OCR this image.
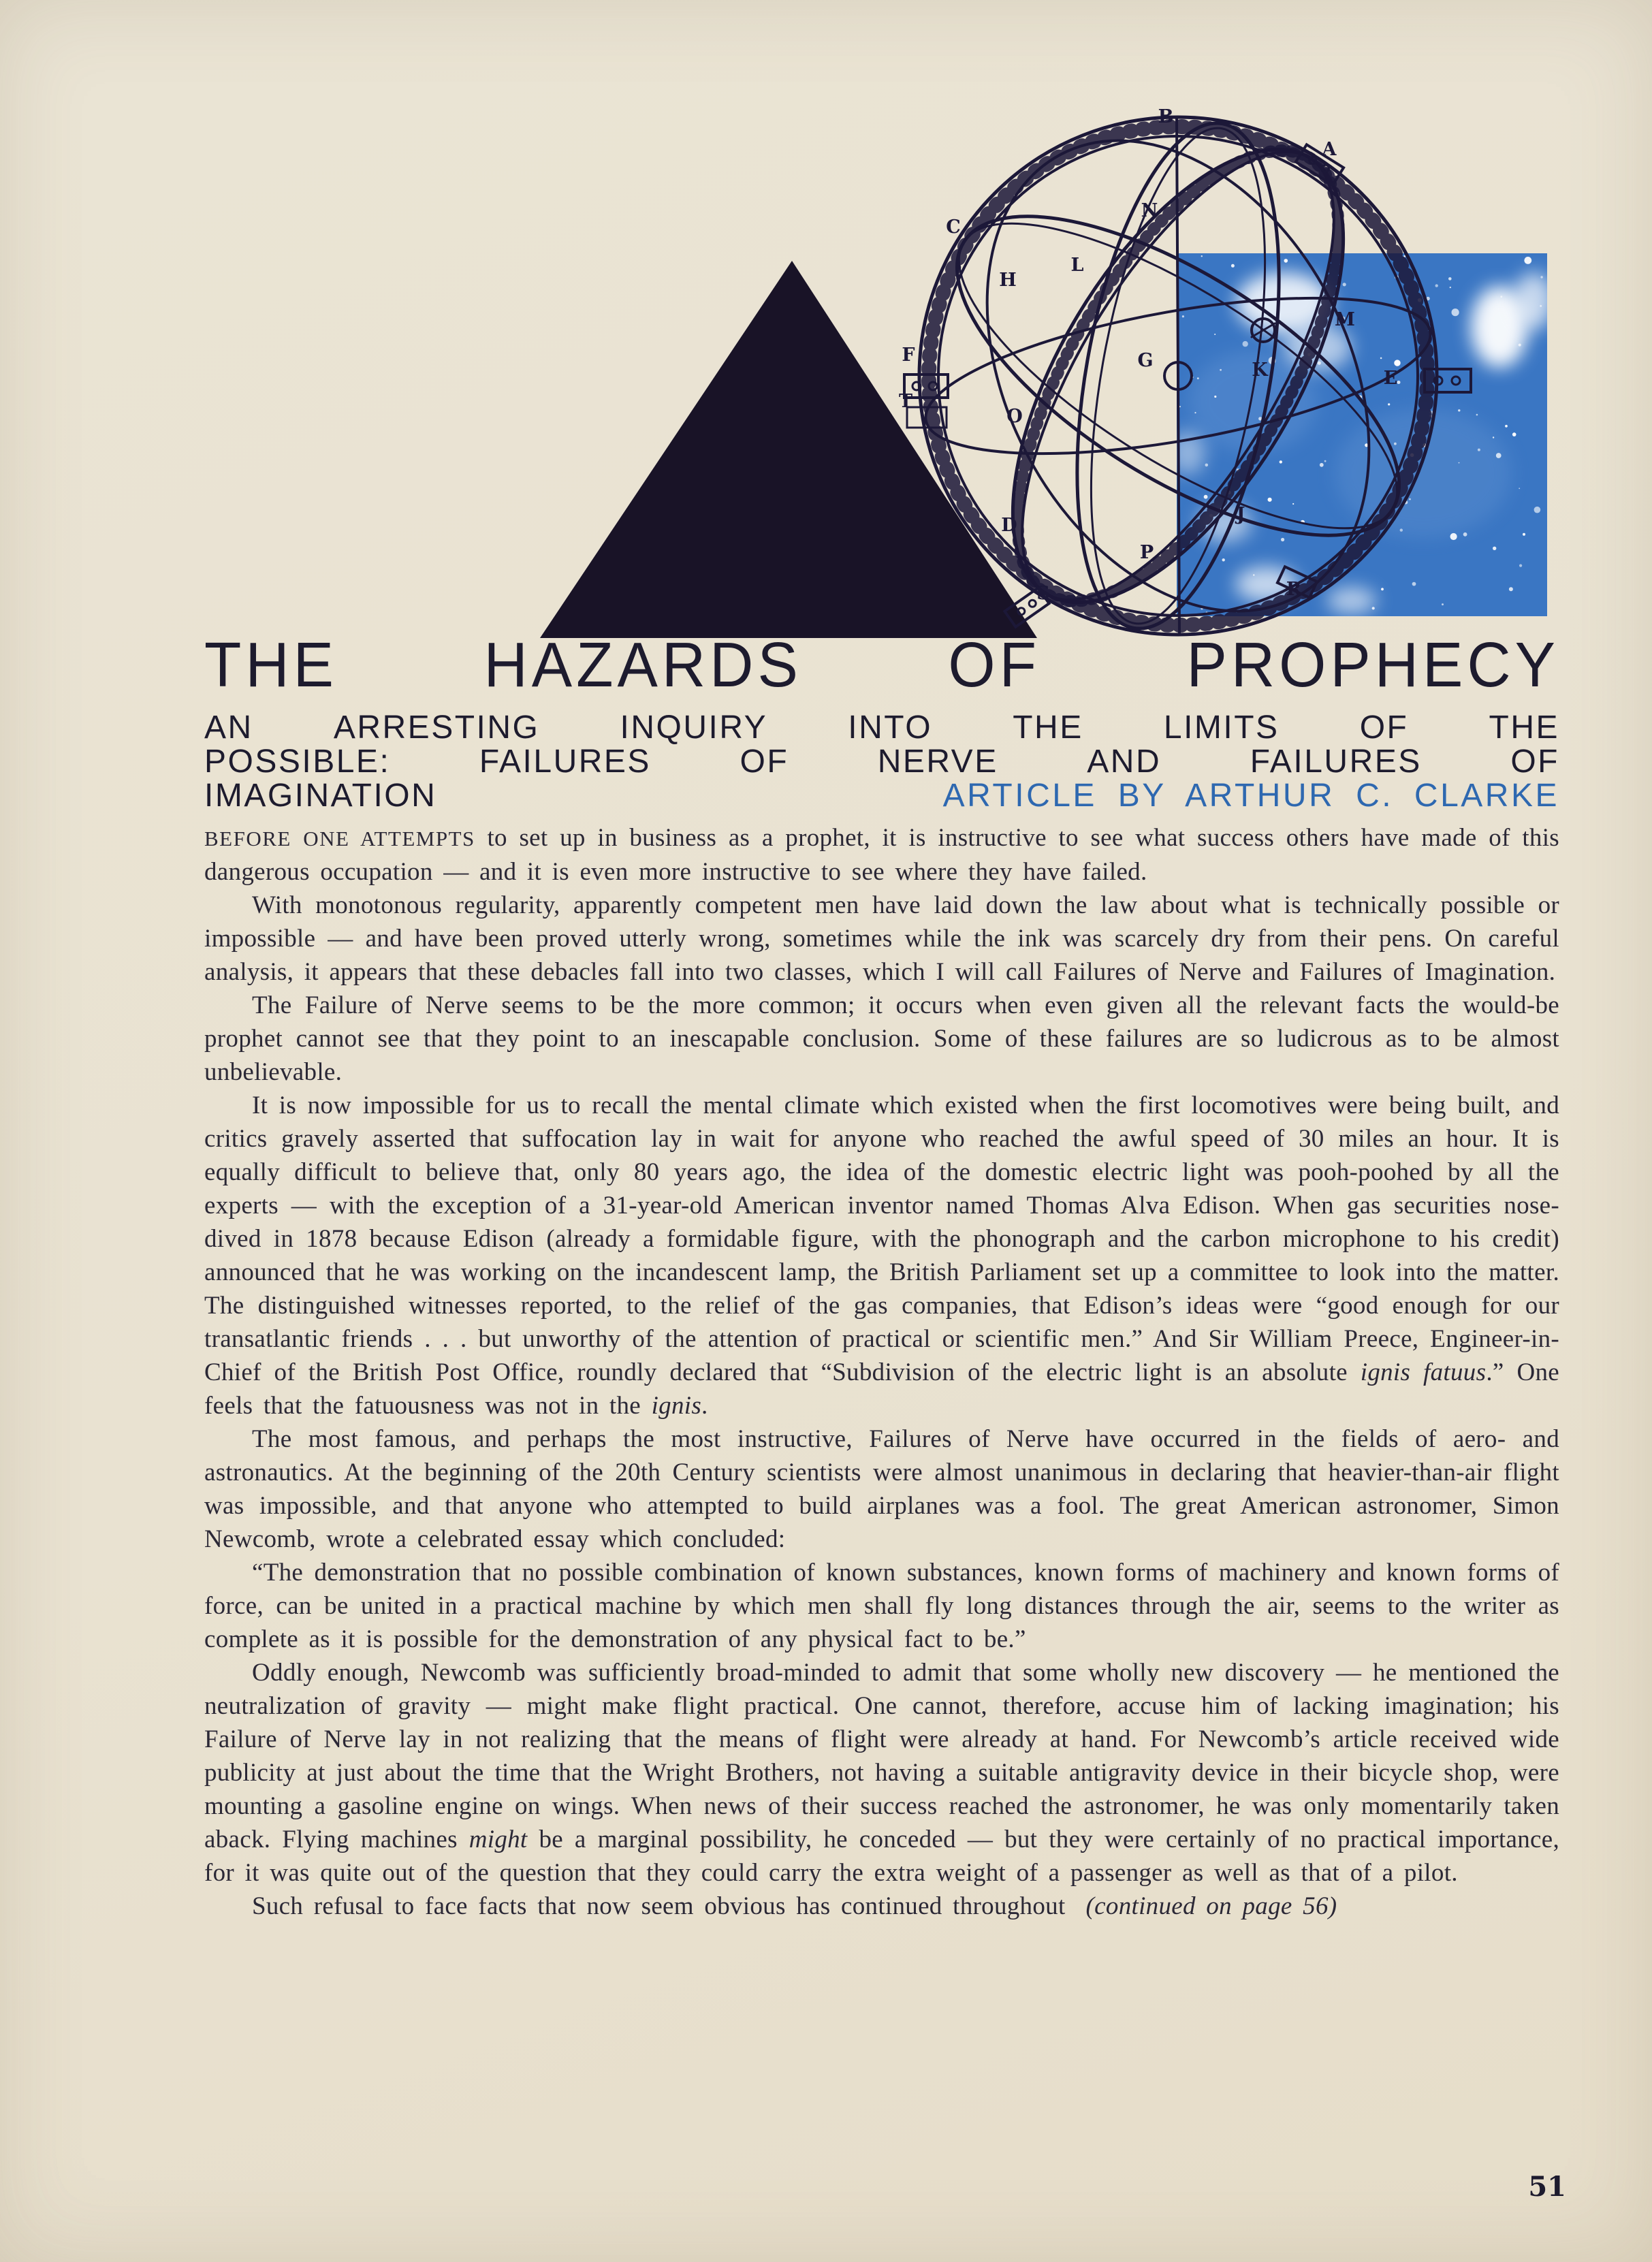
B
A
N
C
L
H
M
K
G
E
F
T
O
D
P
S	R
J
THE HAZARDS OF PROPHECY
AN ARRESTING INQUIRY INTO THE LIMITS OF THE
POSSIBLE:	FAILURES	OF	NERVE	AND	FAILURES	OF
IMAGINATION	ARTICLE BY ARTHUR C. CLARKE

BEFORE ONE ATTEMPTS to set up in business as a prophet, it is instructive to see what success others have made of this dangerous occupation — and it is even more instructive to see where they have failed.

With monotonous regularity, apparently competent men have laid down the law about what is technically possible or impossible — and have been proved utterly wrong, sometimes while the ink was scarcely dry from their pens. On careful analysis, it appears that these debacles fall into two classes, which I will call Failures of Nerve and Failures of Imagination.

The Failure of Nerve seems to be the more common; it occurs when even given all the relevant facts the would-be prophet cannot see that they point to an inescapable conclusion. Some of these failures are so ludicrous as to be almost unbelievable.

It is now impossible for us to recall the mental climate which existed when the first locomotives were being built, and critics gravely asserted that suffocation lay in wait for anyone who reached the awful speed of 30 miles an hour. It is equally difficult to believe that, only 80 years ago, the idea of the domestic electric light was pooh-poohed by all the experts — with the exception of a 31-year-old American inventor named Thomas Alva Edison. When gas securities nose-dived in 1878 because Edison (already a formidable figure, with the phonograph and the carbon microphone to his credit) announced that he was working on the incandescent lamp, the British Parliament set up a committee to look into the matter. The distinguished witnesses reported, to the relief of the gas companies, that Edison’s ideas were “good enough for our transatlantic friends . . . but unworthy of the attention of practical or scientific men.” And Sir William Preece, Engineer-in-Chief of the British Post Office, roundly declared that “Subdivision of the electric light is an absolute ignis fatuus.” One feels that the fatuousness was not in the ignis.

The most famous, and perhaps the most instructive, Failures of Nerve have occurred in the fields of aero- and astronautics. At the beginning of the 20th Century scientists were almost unanimous in declaring that heavier-than-air flight was impossible, and that anyone who attempted to build airplanes was a fool. The great American astronomer, Simon Newcomb, wrote a celebrated essay which concluded:

“The demonstration that no possible combination of known substances, known forms of machinery and known forms of force, can be united in a practical machine by which men shall fly long distances through the air, seems to the writer as complete as it is possible for the demonstration of any physical fact to be.”

Oddly enough, Newcomb was sufficiently broad-minded to admit that some wholly new discovery — he mentioned the neutralization of gravity — might make flight practical. One cannot, therefore, accuse him of lacking imagination; his Failure of Nerve lay in not realizing that the means of flight were already at hand. For Newcomb’s article received wide publicity at just about the time that the Wright Brothers, not having a suitable antigravity device in their bicycle shop, were mounting a gasoline engine on wings. When news of their success reached the astronomer, he was only momentarily taken aback. Flying machines might be a marginal possibility, he conceded — but they were certainly of no practical importance, for it was quite out of the question that they could carry the extra weight of a passenger as well as that of a pilot.

Such refusal to face facts that now seem obvious has continued throughout (continued on page 56)

51
